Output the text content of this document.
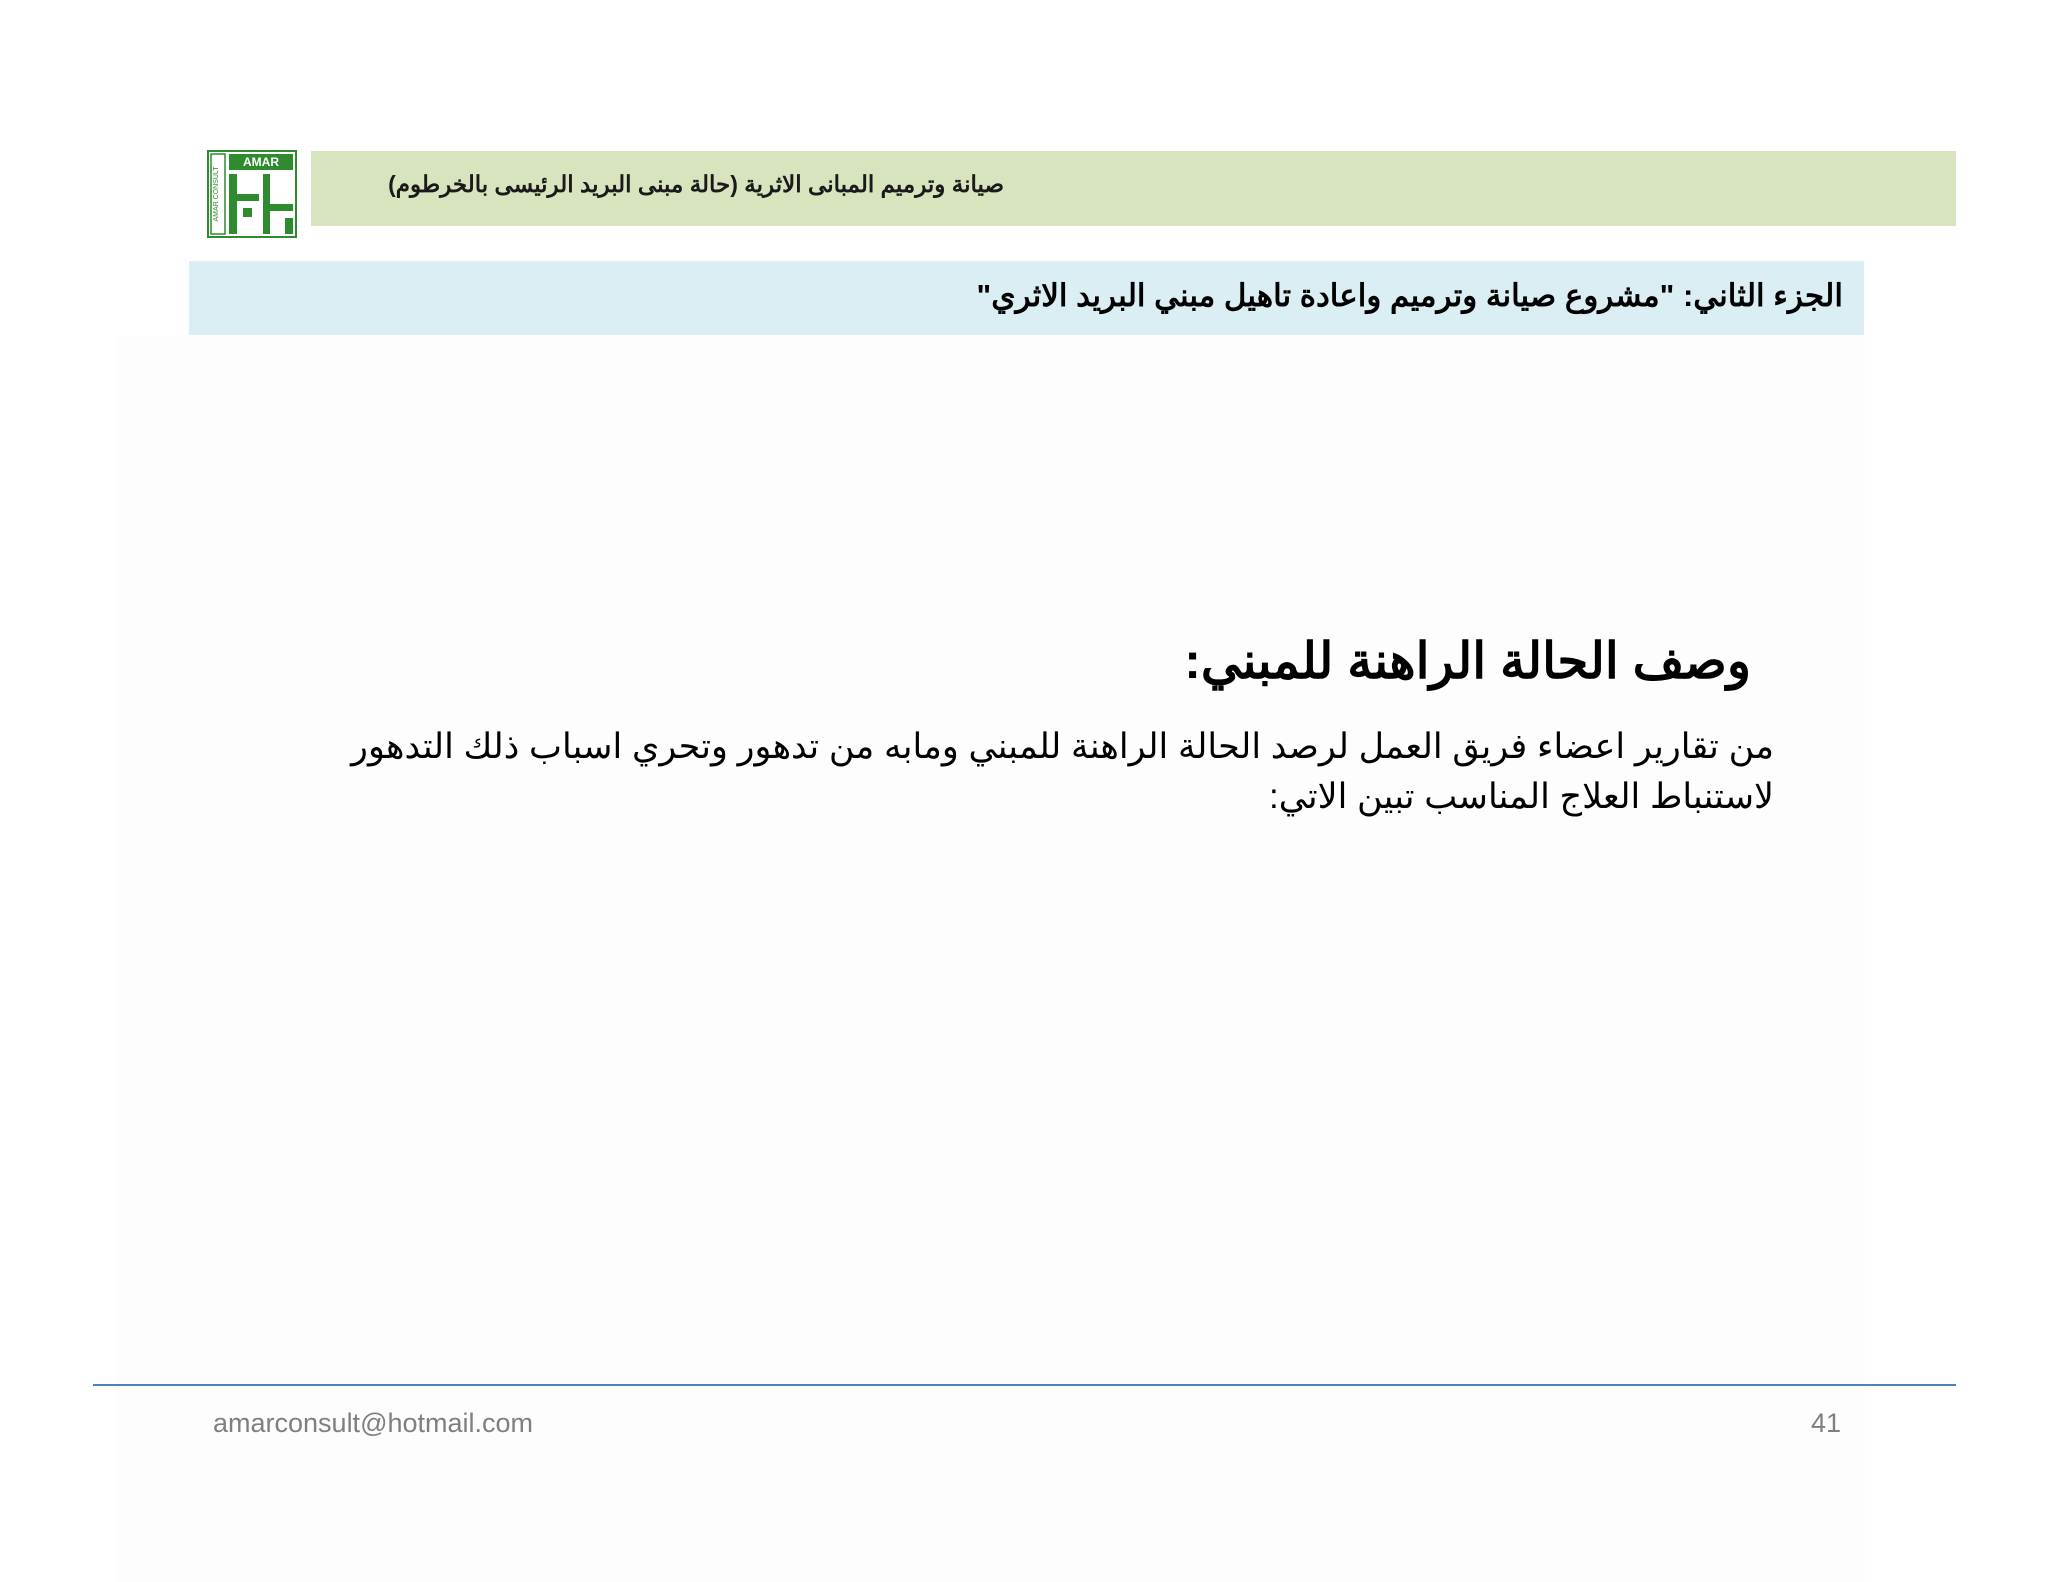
AMAR CONSULT
AMAR
صيانة وترميم المبانى الاثرية (حالة مبنى البريد الرئيسى بالخرطوم)
الجزء الثاني: "مشروع صيانة وترميم واعادة تاهيل مبني البريد الاثري"
وصف الحالة الراهنة للمبني:
من تقارير اعضاء فريق العمل لرصد الحالة الراهنة للمبني ومابه من تدهور وتحري اسباب ذلك التدهور لاستنباط العلاج المناسب تبين الاتي:
amarconsult@hotmail.com	41
